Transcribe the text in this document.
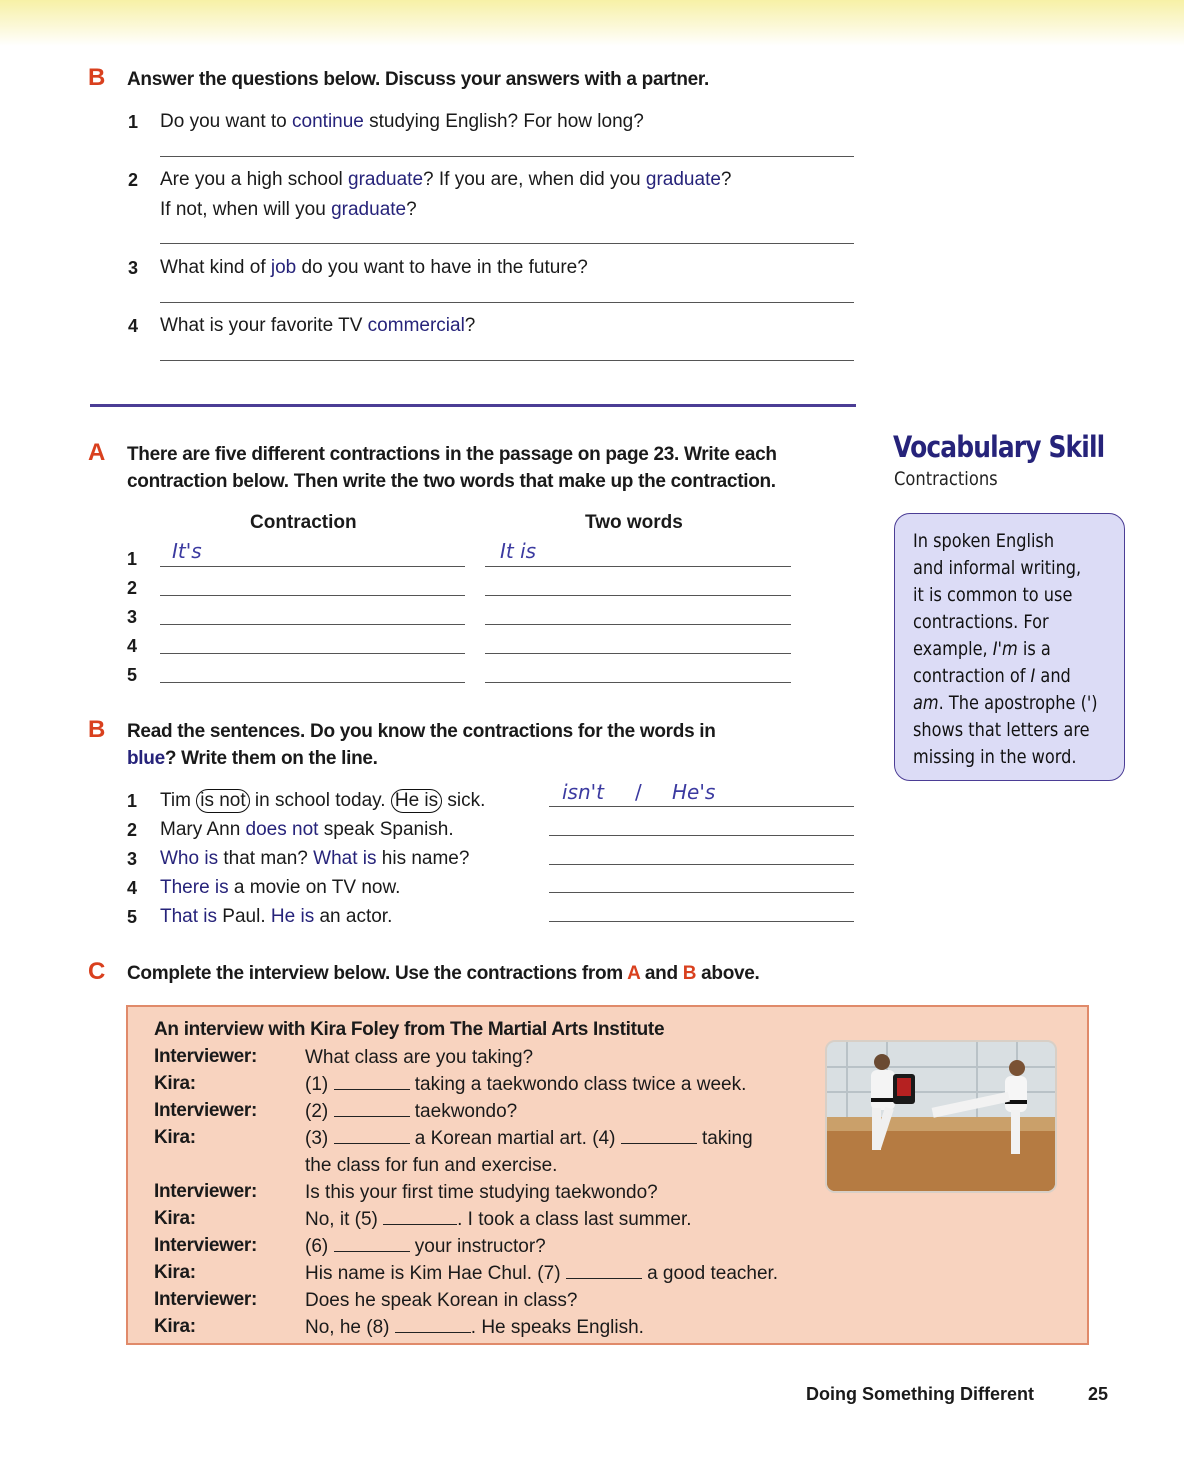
B Answer the questions below. Discuss your answers with a partner.
1 Do you want to continue studying English? For how long?
2 Are you a high school graduate? If you are, when did you graduate?
If not, when will you graduate?
3 What kind of job do you want to have in the future?
4 What is your favorite TV commercial?
Vocabulary Skill
Contractions
In spoken English
and informal writing,
it is common to use
contractions. For
example, I'm is a
contraction of I and
am. The apostrophe (')
shows that letters are
missing in the word.
A There are five different contractions in the passage on page 23. Write each
contraction below. Then write the two words that make up the contraction.
Contraction	Two words
1 It's	It is
2
3
4
5
B Read the sentences. Do you know the contractions for the words in
blue? Write them on the line.
1 Tim is not in school today. He is sick.	isn't / He's
2 Mary Ann does not speak Spanish.
3 Who is that man? What is his name?
4 There is a movie on TV now.
5 That is Paul. He is an actor.
C Complete the interview below. Use the contractions from A and B above.
An interview with Kira Foley from The Martial Arts Institute
Interviewer:	What class are you taking?
Kira:	(1)	taking a taekwondo class twice a week.
Interviewer:	(2)	taekwondo?
Kira:	(3)	a Korean martial art. (4)	taking
the class for fun and exercise.
Interviewer:	Is this your first time studying taekwondo?
Kira:	No, it (5)	. I took a class last summer.
Interviewer:	(6)	your instructor?
Kira:	His name is Kim Hae Chul. (7)	a good teacher.
Interviewer:	Does he speak Korean in class?
Kira:	No, he (8)	. He speaks English.
Doing Something Different	25
